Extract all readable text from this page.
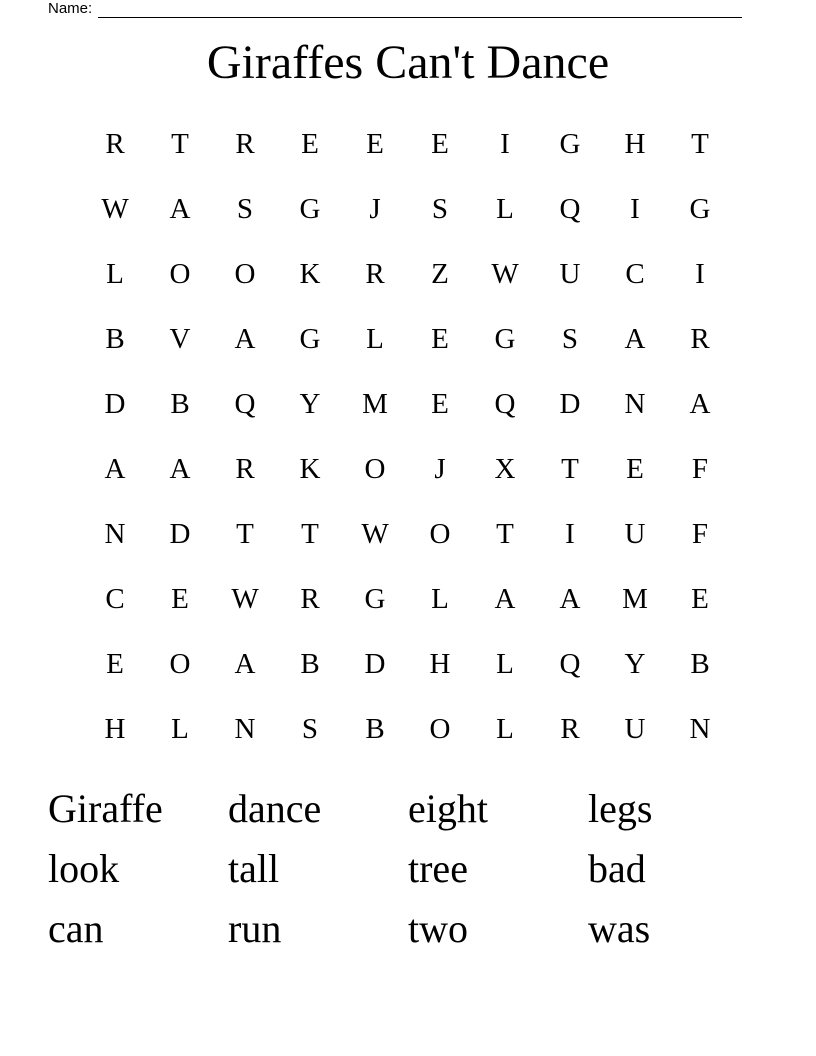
Name:
Giraffes Can't Dance
R	T	R	E	E	E	I	G	H	T
W	A	S	G	J	S	L	Q	I	G
L	O	O	K	R	Z	W	U	C	I
B	V	A	G	L	E	G	S	A	R
D	B	Q	Y	M	E	Q	D	N	A
A	A	R	K	O	J	X	T	E	F
N	D	T	T	W	O	T	I	U	F
C	E	W	R	G	L	A	A	M	E
E	O	A	B	D	H	L	Q	Y	B
H	L	N	S	B	O	L	R	U	N
Giraffe	dance	eight	legs
look	tall	tree	bad
can	run	two	was
